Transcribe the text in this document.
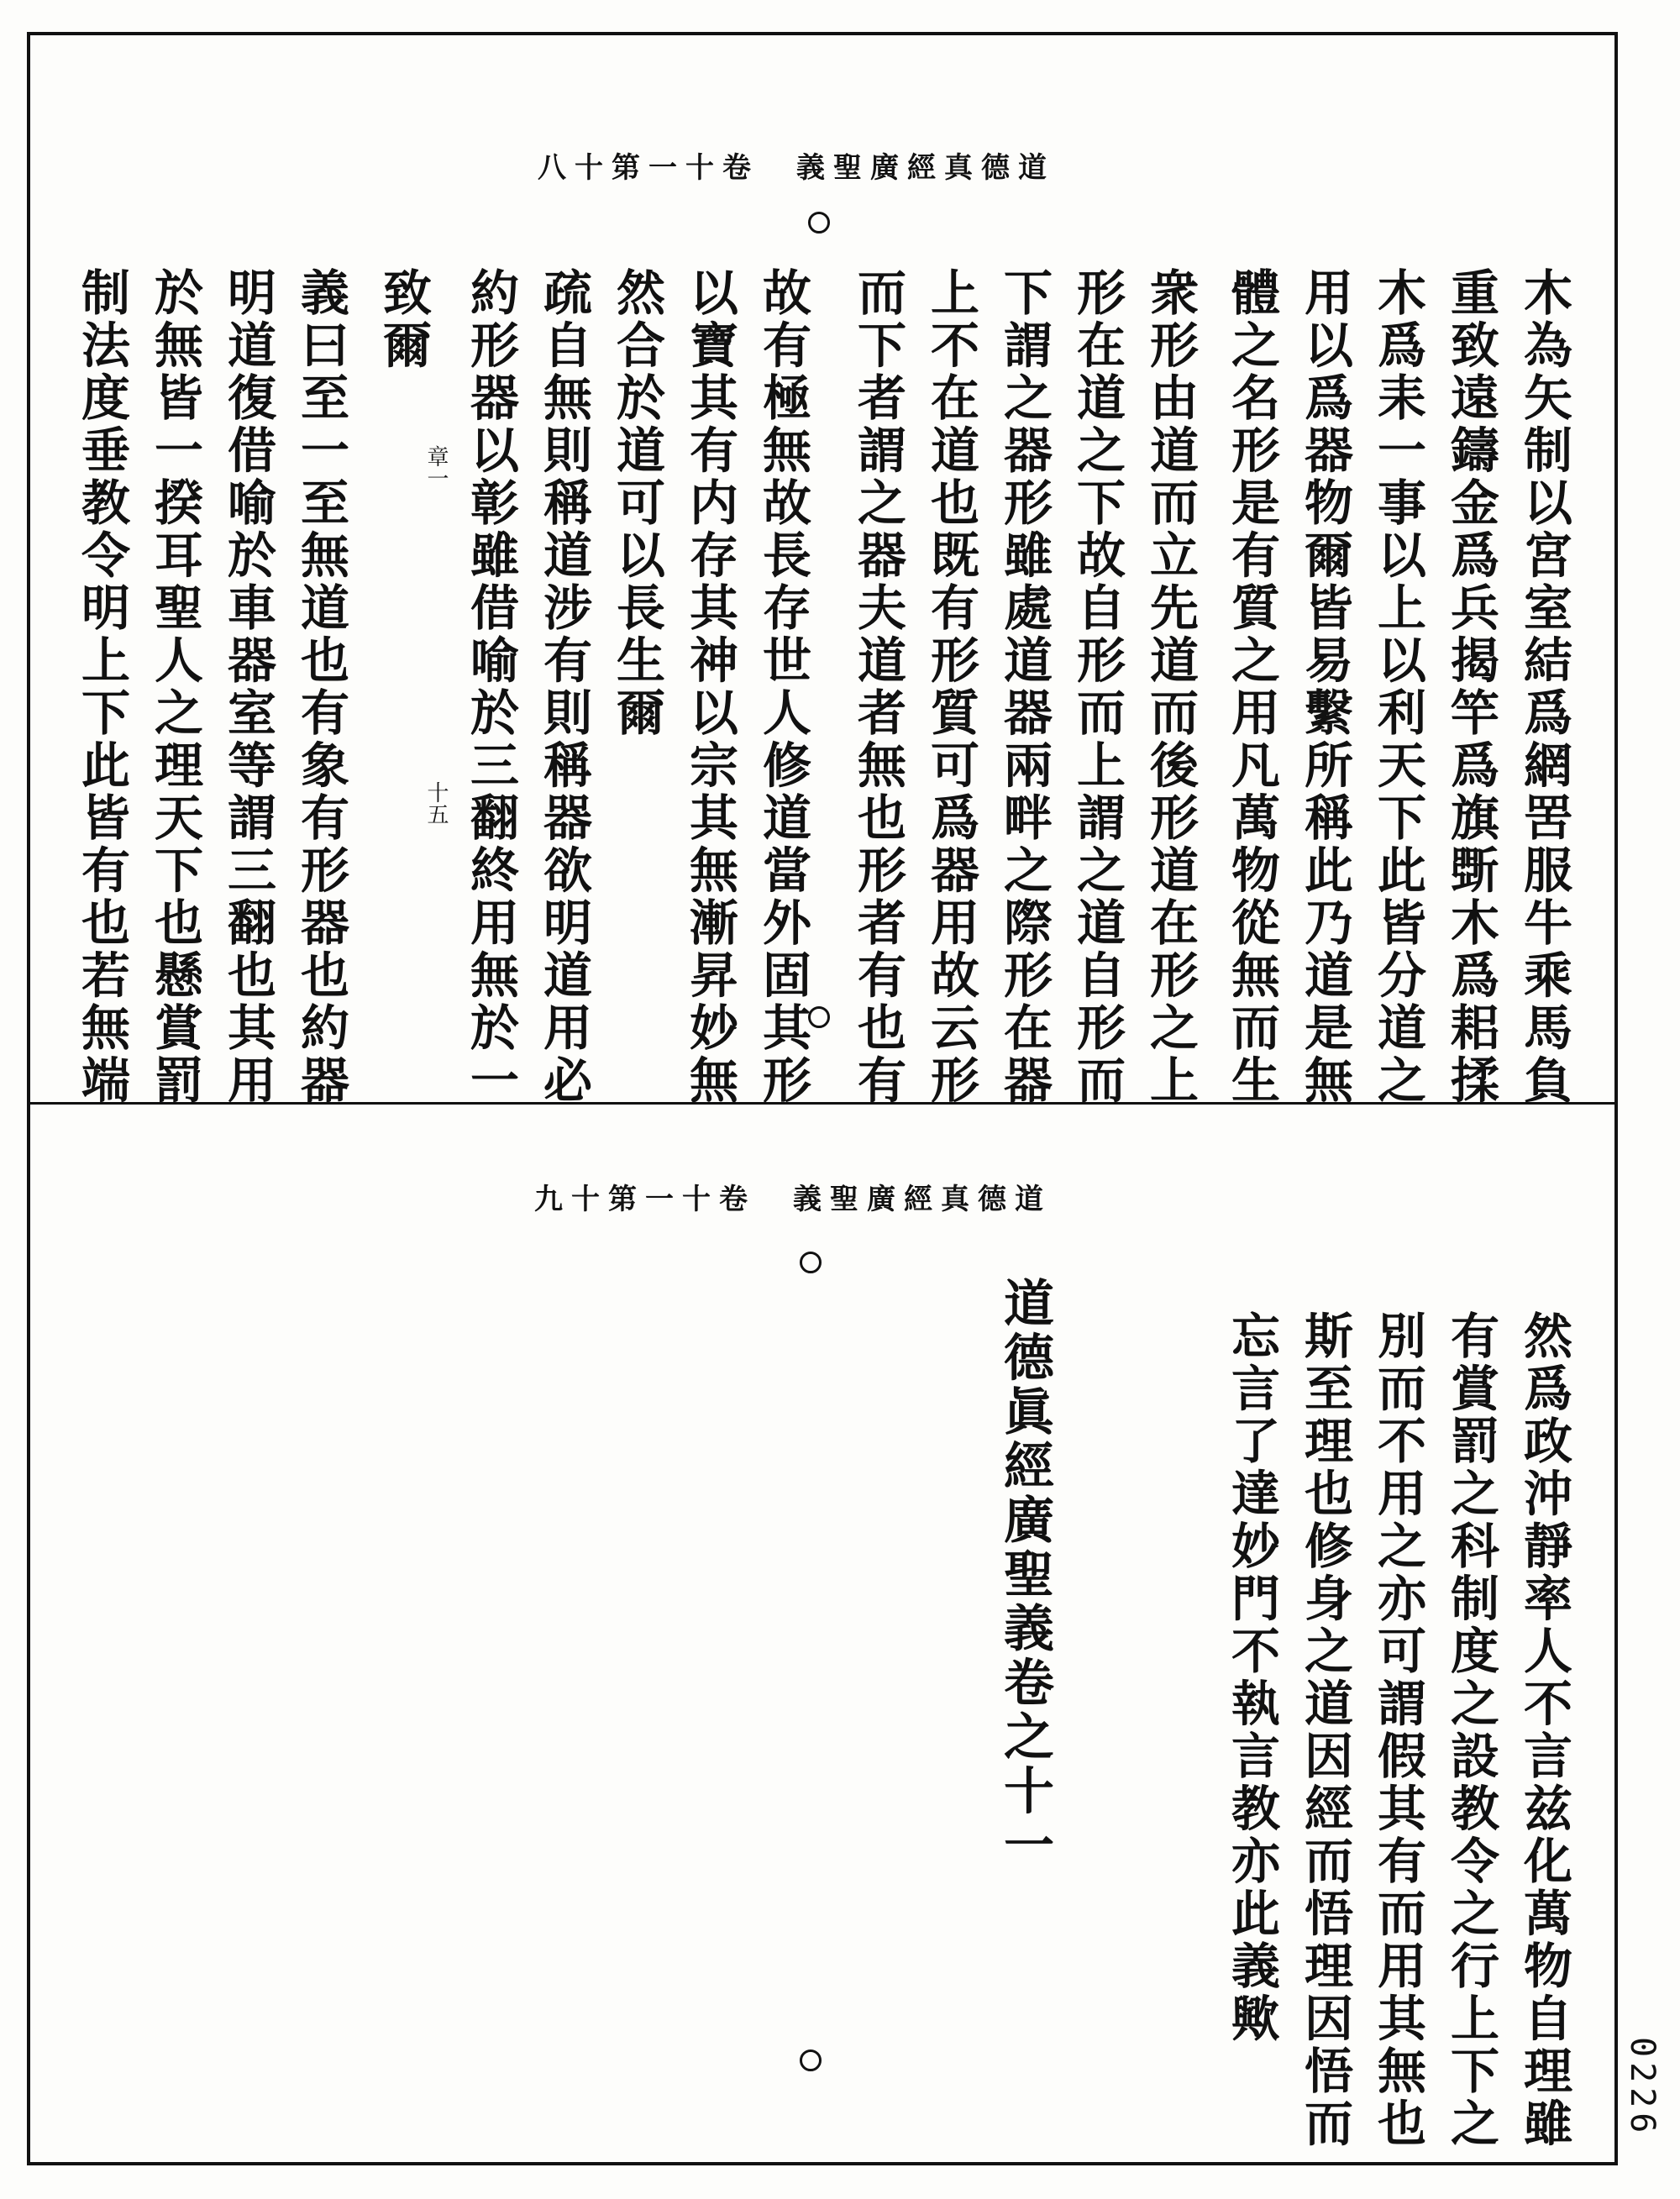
八十第一十卷　義聖廣經真德道
木為矢制以宮室結爲網罟服牛乘馬負
重致遠鑄金爲兵揭竿爲旗斲木爲耜揉
木爲耒一事以上以利天下此皆分道之
用以爲器物爾皆易繫所稱此乃道是無
體之名形是有質之用凡萬物從無而生
衆形由道而立先道而後形道在形之上
形在道之下故自形而上謂之道自形而
下謂之器形雖處道器兩畔之際形在器
上不在道也既有形質可爲器用故云形
而下者謂之器夫道者無也形者有也有
故有極無故長存世人修道當外固其形
以寶其有内存其神以宗其無漸昇妙無
然合於道可以長生爾
疏自無則稱道涉有則稱器欲明道用必
約形器以彰雖借喻於三翻終用無於一
致爾
義曰至一至無道也有象有形器也約器
明道復借喻於車器室等謂三翻也其用
於無皆一揆耳聖人之理天下也懸賞罰
制法度垂教令明上下此皆有也若無端	章一
十五
九十第一十卷　義聖廣經真德道
然爲政沖靜率人不言兹化萬物自理雖
有賞罰之科制度之設教令之行上下之
別而不用之亦可謂假其有而用其無也
斯至理也修身之道因經而悟理因悟而
忘言了達妙門不執言教亦此義歟
道德眞經廣聖義卷之十一
0226
